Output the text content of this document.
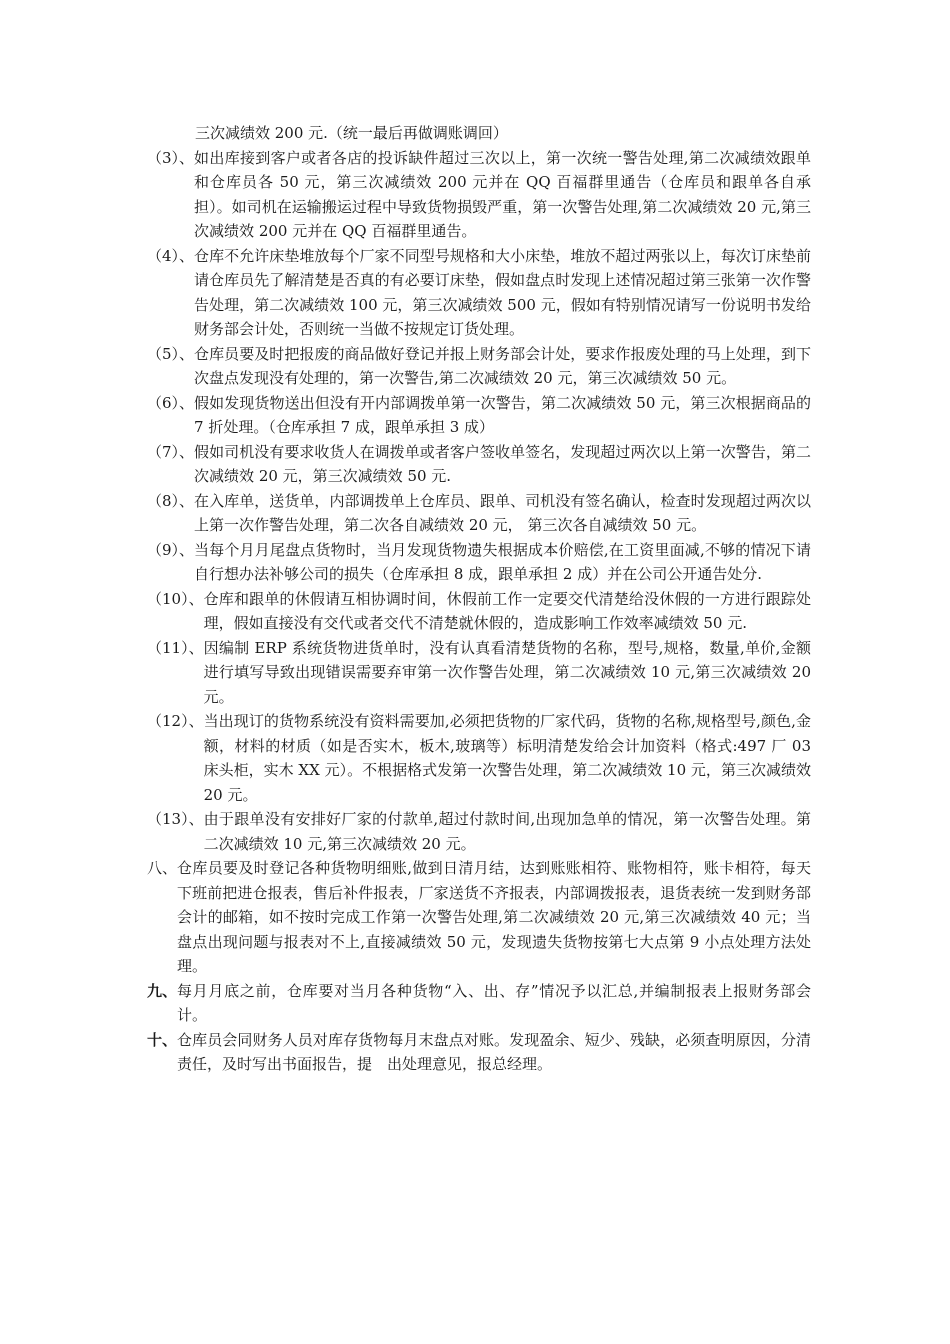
三次减绩效 200 元.（统一最后再做调账调回）
（3）、 如出库接到客户或者各店的投诉缺件超过三次以上，第一次统一警告处理,第二次减绩效跟单和仓库员各 50 元，第三次减绩效 200 元并在 QQ 百福群里通告（仓库员和跟单各自承担）。如司机在运输搬运过程中导致货物损毁严重，第一次警告处理,第二次减绩效 20 元,第三次减绩效 200 元并在 QQ 百福群里通告。
（4）、 仓库不允许床垫堆放每个厂家不同型号规格和大小床垫，堆放不超过两张以上，每次订床垫前请仓库员先了解清楚是否真的有必要订床垫，假如盘点时发现上述情况超过第三张第一次作警告处理，第二次减绩效 100 元，第三次减绩效 500 元，假如有特别情况请写一份说明书发给财务部会计处，否则统一当做不按规定订货处理。
（5）、 仓库员要及时把报废的商品做好登记并报上财务部会计处，要求作报废处理的马上处理，到下次盘点发现没有处理的，第一次警告,第二次减绩效 20 元，第三次减绩效 50 元。
（6）、 假如发现货物送出但没有开内部调拨单第一次警告，第二次减绩效 50 元，第三次根据商品的 7 折处理。（仓库承担 7 成，跟单承担 3 成）
（7）、 假如司机没有要求收货人在调拨单或者客户签收单签名，发现超过两次以上第一次警告，第二次减绩效 20 元，第三次减绩效 50 元.
（8）、 在入库单，送货单，内部调拨单上仓库员、跟单、司机没有签名确认，检查时发现超过两次以上第一次作警告处理，第二次各自减绩效 20 元， 第三次各自减绩效 50 元。
（9）、 当每个月月尾盘点货物时，当月发现货物遗失根据成本价赔偿,在工资里面减,不够的情况下请自行想办法补够公司的损失（仓库承担 8 成，跟单承担 2 成）并在公司公开通告处分.
（10）、 仓库和跟单的休假请互相协调时间，休假前工作一定要交代清楚给没休假的一方进行跟踪处理，假如直接没有交代或者交代不清楚就休假的，造成影响工作效率减绩效 50 元.
（11）、 因编制 ERP 系统货物进货单时，没有认真看清楚货物的名称，型号,规格，数量,单价,金额进行填写导致出现错误需要弃审第一次作警告处理，第二次减绩效 10 元,第三次减绩效 20 元。
（12）、 当出现订的货物系统没有资料需要加,必须把货物的厂家代码，货物的名称,规格型号,颜色,金额，材料的材质（如是否实木，板木,玻璃等）标明清楚发给会计加资料（格式:497 厂 03 床头柜，实木 XX 元）。不根据格式发第一次警告处理，第二次减绩效 10 元，第三次减绩效 20 元。
（13）、 由于跟单没有安排好厂家的付款单,超过付款时间,出现加急单的情况，第一次警告处理。第二次减绩效 10 元,第三次减绩效 20 元。
八、 仓库员要及时登记各种货物明细账,做到日清月结，达到账账相符、账物相符，账卡相符，每天下班前把进仓报表，售后补件报表，厂家送货不齐报表，内部调拨报表，退货表统一发到财务部会计的邮箱，如不按时完成工作第一次警告处理,第二次减绩效 20 元,第三次减绩效 40 元；当盘点出现问题与报表对不上,直接减绩效 50 元，发现遗失货物按第七大点第 9 小点处理方法处理。
九、 每月月底之前，仓库要对当月各种货物“入、出、存”情况予以汇总,并编制报表上报财务部会计。
十、 仓库员会同财务人员对库存货物每月末盘点对账。发现盈余、短少、残缺，必须查明原因，分清责任，及时写出书面报告，提　出处理意见，报总经理。
